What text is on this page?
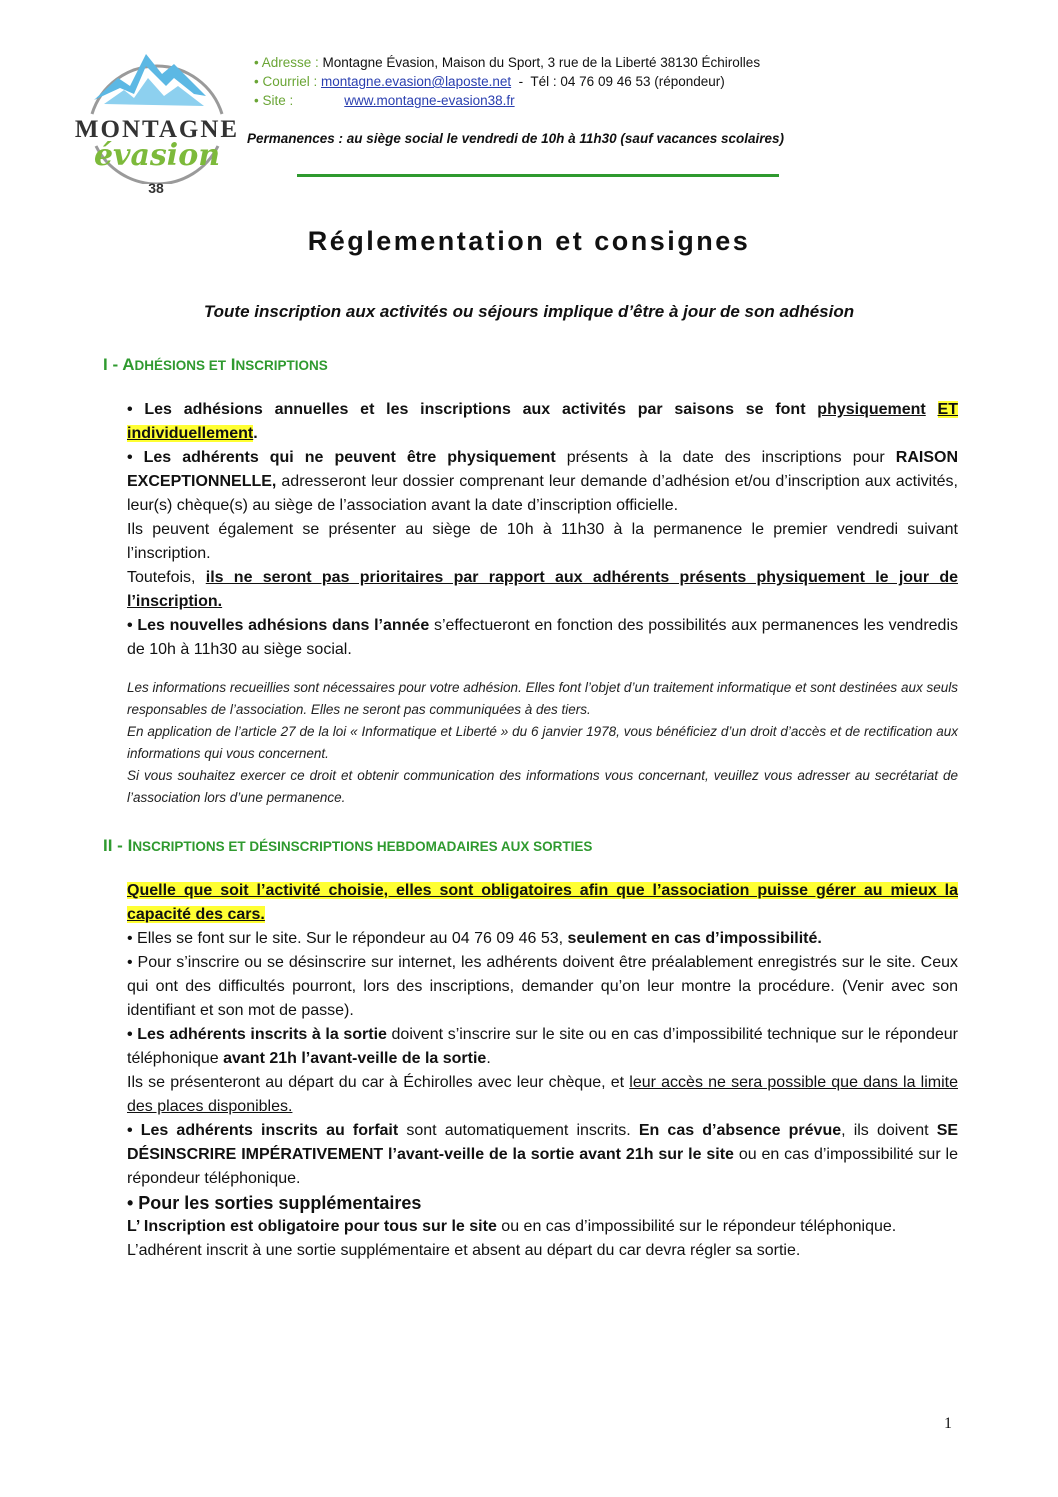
MONTAGNE
évasion
38
• Adresse : Montagne Évasion, Maison du Sport, 3 rue de la Liberté 38130 Échirolles
• Courriel : montagne.evasion@laposte.net - Tél : 04 76 09 46 53 (répondeur)
• Site :	www.montagne-evasion38.fr
Permanences : au siège social le vendredi de 10h à 11h30 (sauf vacances scolaires)
Réglementation et consignes
Toute inscription aux activités ou séjours implique d’être à jour de son adhésion
I - ADHÉSIONS ET INSCRIPTIONS

• Les adhésions annuelles et les inscriptions aux activités par saisons se font physiquement ET individuellement.

• Les adhérents qui ne peuvent être physiquement présents à la date des inscriptions pour RAISON EXCEPTIONNELLE, adresseront leur dossier comprenant leur demande d’adhésion et/ou d’inscription aux activités, leur(s) chèque(s) au siège de l’association avant la date d’inscription officielle.

Ils peuvent également se présenter au siège de 10h à 11h30 à la permanence le premier vendredi suivant l’inscription.

Toutefois, ils ne seront pas prioritaires par rapport aux adhérents présents physiquement le jour de l’inscription.

• Les nouvelles adhésions dans l’année s’effectueront en fonction des possibilités aux permanences les vendredis de 10h à 11h30 au siège social.

Les informations recueillies sont nécessaires pour votre adhésion. Elles font l’objet d’un traitement informatique et sont destinées aux seuls responsables de l’association. Elles ne seront pas communiquées à des tiers.

En application de l’article 27 de la loi « Informatique et Liberté » du 6 janvier 1978, vous bénéficiez d’un droit d’accès et de rectification aux informations qui vous concernent.

Si vous souhaitez exercer ce droit et obtenir communication des informations vous concernant, veuillez vous adresser au secrétariat de l’association lors d’une permanence.

II - INSCRIPTIONS ET DÉSINSCRIPTIONS HEBDOMADAIRES AUX SORTIES

Quelle que soit l’activité choisie, elles sont obligatoires afin que l’association puisse gérer au mieux la capacité des cars.

• Elles se font sur le site. Sur le répondeur au 04 76 09 46 53, seulement en cas d’impossibilité.

• Pour s’inscrire ou se désinscrire sur internet, les adhérents doivent être préalablement enregistrés sur le site. Ceux qui ont des difficultés pourront, lors des inscriptions, demander qu’on leur montre la procédure. (Venir avec son identifiant et son mot de passe).

• Les adhérents inscrits à la sortie doivent s’inscrire sur le site ou en cas d’impossibilité technique sur le répondeur téléphonique avant 21h l’avant-veille de la sortie.

Ils se présenteront au départ du car à Échirolles avec leur chèque, et leur accès ne sera possible que dans la limite des places disponibles.

• Les adhérents inscrits au forfait sont automatiquement inscrits. En cas d’absence prévue, ils doivent SE DÉSINSCRIRE IMPÉRATIVEMENT l’avant-veille de la sortie avant 21h sur le site ou en cas d’impossibilité sur le répondeur téléphonique.

• Pour les sorties supplémentaires

L’ Inscription est obligatoire pour tous sur le site ou en cas d’impossibilité sur le répondeur téléphonique.

L’adhérent inscrit à une sortie supplémentaire et absent au départ du car devra régler sa sortie.

1
